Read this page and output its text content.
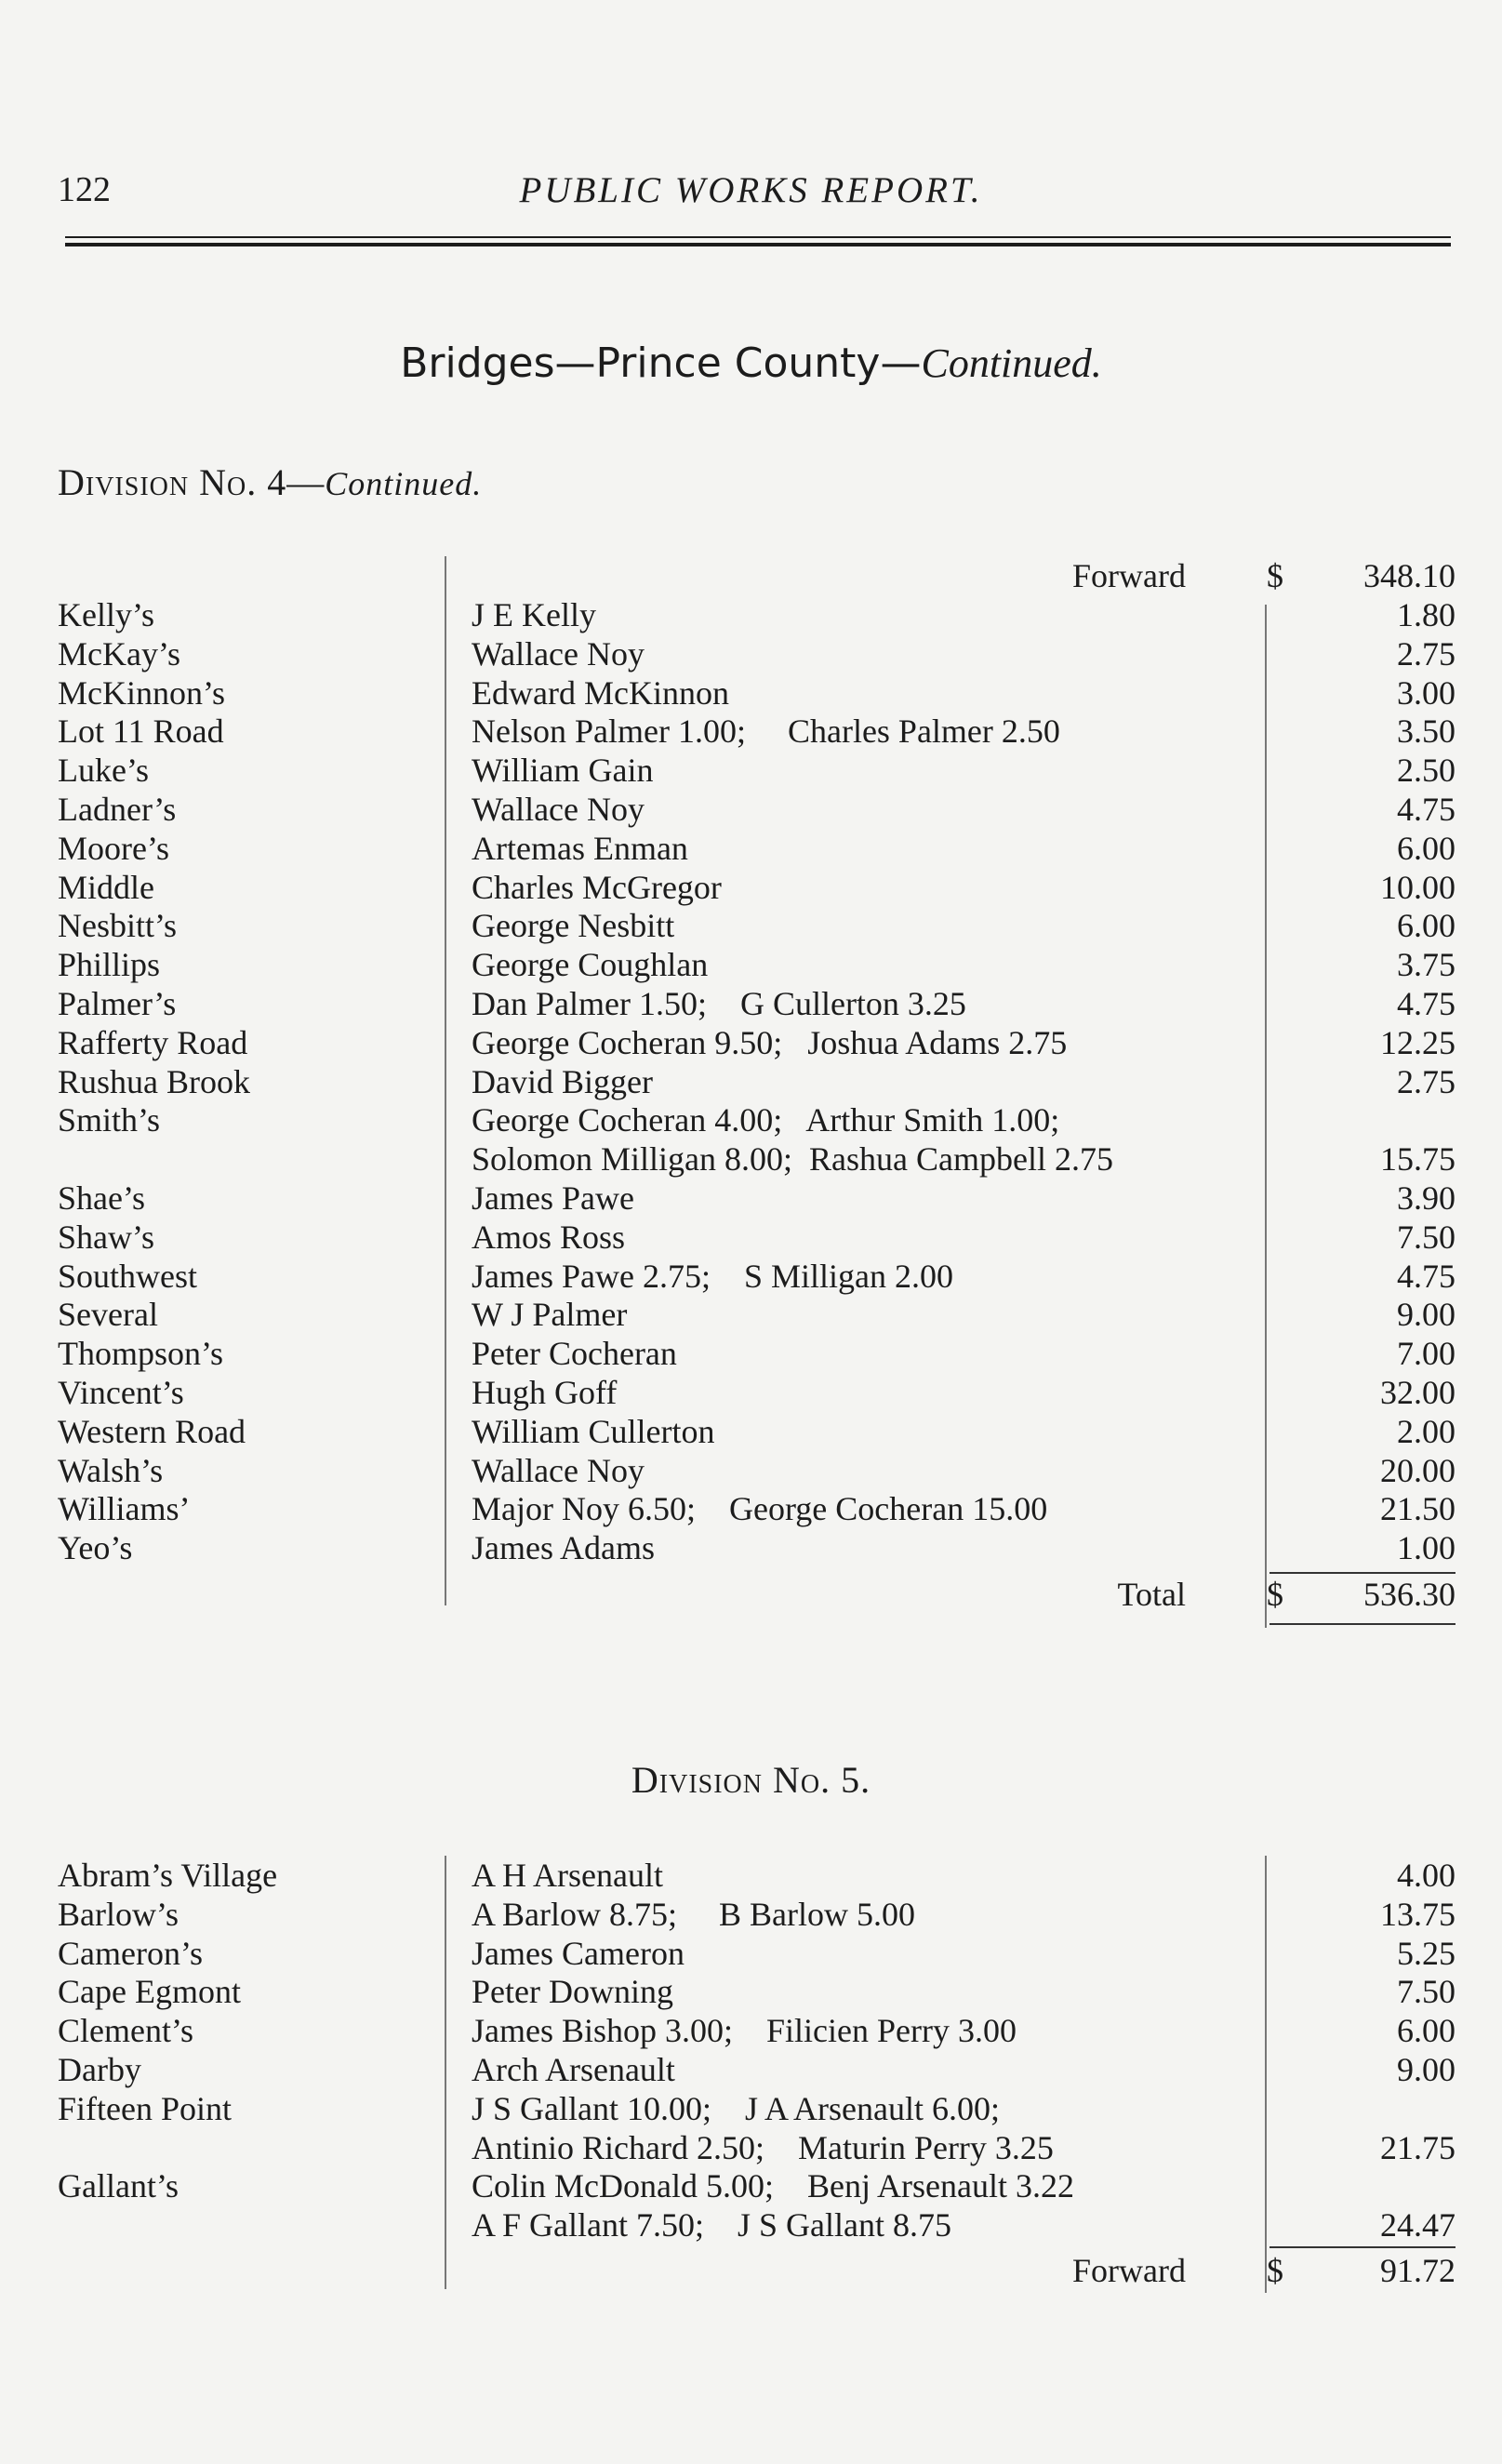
122	PUBLIC WORKS REPORT.
Bridges—Prince County—Continued.
Division No. 4—Continued.
Forward $ 348.10
Kelly’s	J E Kelly	1.80
McKay’s	Wallace Noy	2.75
McKinnon’s	Edward McKinnon	3.00
Lot 11 Road	Nelson Palmer 1.00;     Charles Palmer 2.50	3.50
Luke’s	William Gain	2.50
Ladner’s	Wallace Noy	4.75
Moore’s	Artemas Enman	6.00
Middle	Charles McGregor	10.00
Nesbitt’s	George Nesbitt	6.00
Phillips	George Coughlan	3.75
Palmer’s	Dan Palmer 1.50;    G Cullerton 3.25	4.75
Rafferty Road	George Cocheran 9.50;   Joshua Adams 2.75	12.25
Rushua Brook	David Bigger	2.75
Smith’s	George Cocheran 4.00;   Arthur Smith 1.00;
Solomon Milligan 8.00;  Rashua Campbell 2.75	15.75
Shae’s	James Pawe	3.90
Shaw’s	Amos Ross	7.50
Southwest	James Pawe 2.75;    S Milligan 2.00	4.75
Several	W J Palmer	9.00
Thompson’s	Peter Cocheran	7.00
Vincent’s	Hugh Goff	32.00
Western Road	William Cullerton	2.00
Walsh’s	Wallace Noy	20.00
Williams’	Major Noy 6.50;    George Cocheran 15.00	21.50
Yeo’s	James Adams	1.00
Total $ 536.30
Division No. 5.
Abram’s Village	A H Arsenault	4.00
Barlow’s	A Barlow 8.75;     B Barlow 5.00	13.75
Cameron’s	James Cameron	5.25
Cape Egmont	Peter Downing	7.50
Clement’s	James Bishop 3.00;    Filicien Perry 3.00	6.00
Darby	Arch Arsenault	9.00
Fifteen Point	J S Gallant 10.00;    J A Arsenault 6.00;
Antinio Richard 2.50;    Maturin Perry 3.25	21.75
Gallant’s	Colin McDonald 5.00;    Benj Arsenault 3.22
A F Gallant 7.50;    J S Gallant 8.75	24.47
Forward $	91.72
